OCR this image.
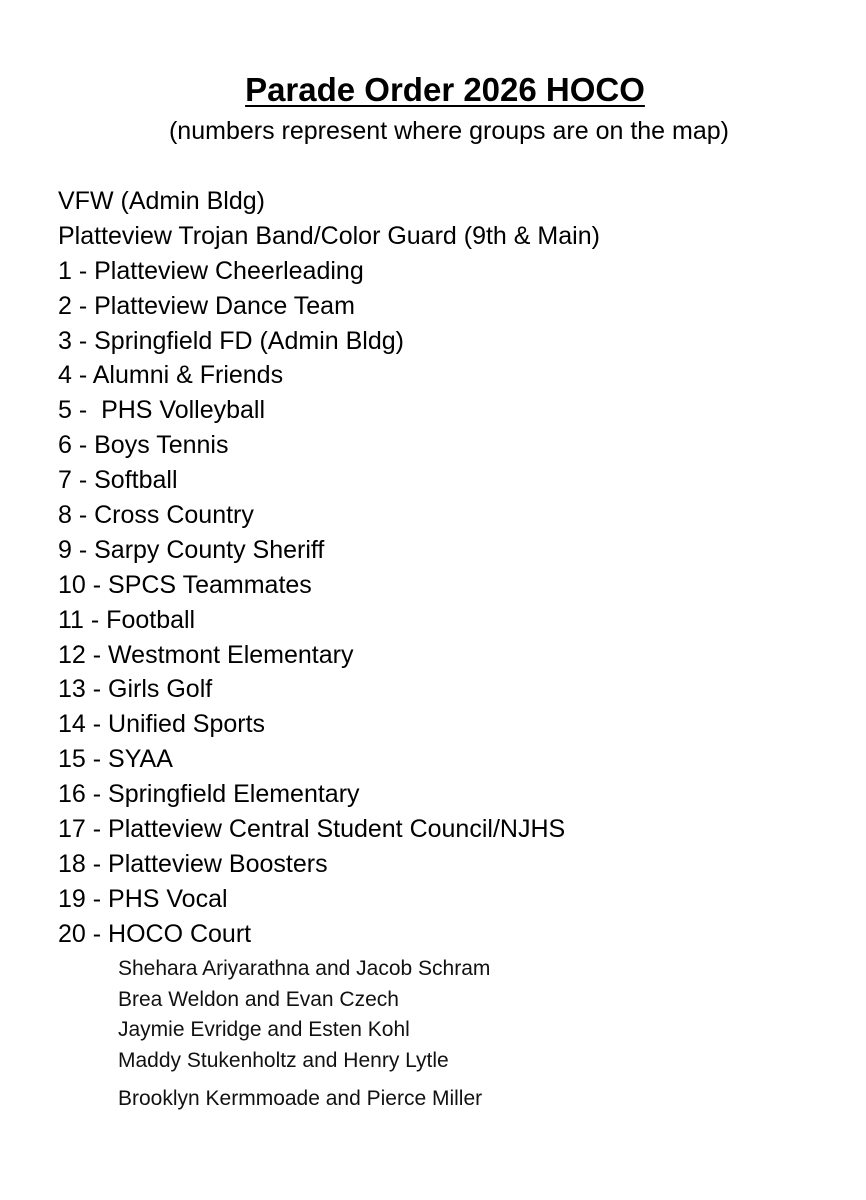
Parade Order 2026 HOCO
(numbers represent where groups are on the map)
VFW (Admin Bldg)
Platteview Trojan Band/Color Guard (9th & Main)
1 - Platteview Cheerleading
2 - Platteview Dance Team
3 - Springfield FD (Admin Bldg)
4 - Alumni & Friends
5 -  PHS Volleyball
6 - Boys Tennis
7 - Softball
8 - Cross Country
9 - Sarpy County Sheriff
10 - SPCS Teammates
11 - Football
12 - Westmont Elementary
13 - Girls Golf
14 - Unified Sports
15 - SYAA
16 - Springfield Elementary
17 - Platteview Central Student Council/NJHS
18 - Platteview Boosters
19 - PHS Vocal
20 - HOCO Court
Shehara Ariyarathna and Jacob Schram
Brea Weldon and Evan Czech
Jaymie Evridge and Esten Kohl
Maddy Stukenholtz and Henry Lytle
Brooklyn Kermmoade and Pierce Miller
